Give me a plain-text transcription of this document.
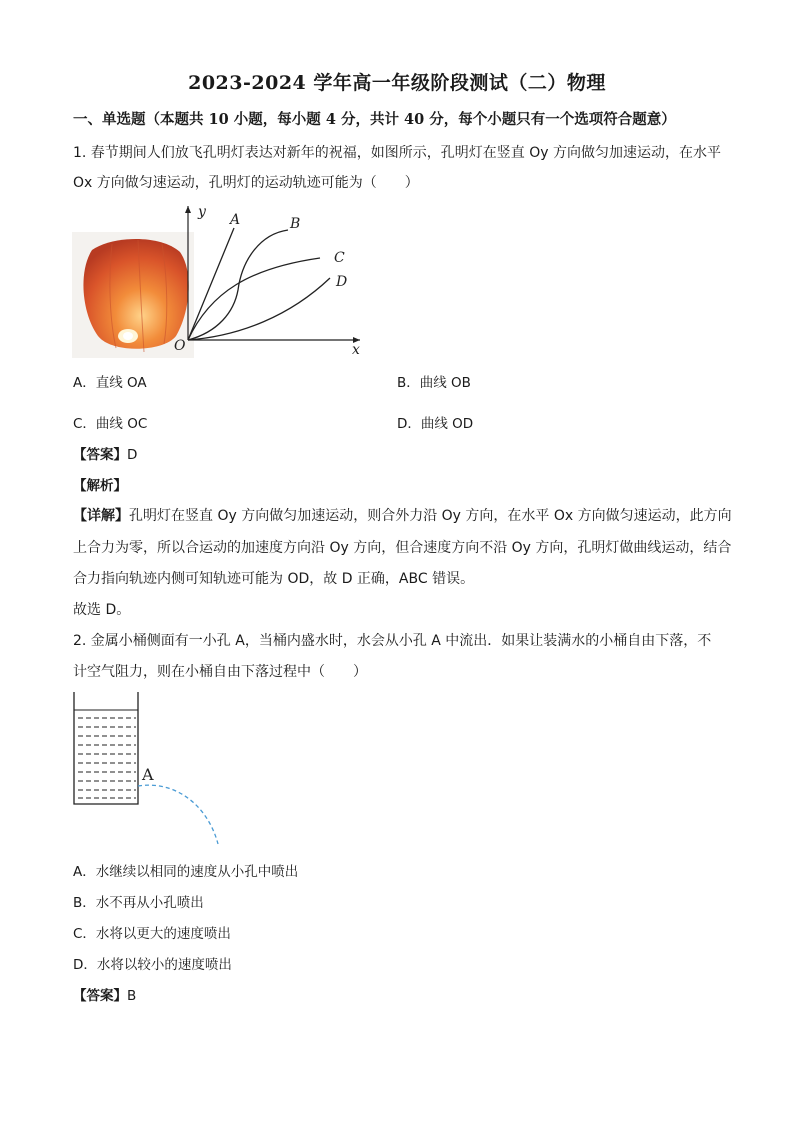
2023-2024 学年高一年级阶段测试（二）物理
一、单选题（本题共 10 小题，每小题 4 分，共计 40 分，每个小题只有一个选项符合题意）
1. 春节期间人们放飞孔明灯表达对新年的祝福，如图所示，孔明灯在竖直 Oy 方向做匀加速运动，在水平
Ox 方向做匀速运动，孔明灯的运动轨迹可能为（　　）
y
x
O
A	B
C
D
A．直线 OA	B．曲线 OB
C．曲线 OC	D．曲线 OD
【答案】D
【解析】
【详解】孔明灯在竖直 Oy 方向做匀加速运动，则合外力沿 Oy 方向，在水平 Ox 方向做匀速运动，此方向
上合力为零，所以合运动的加速度方向沿 Oy 方向，但合速度方向不沿 Oy 方向，孔明灯做曲线运动，结合
合力指向轨迹内侧可知轨迹可能为 OD，故 D 正确，ABC 错误。
故选 D。
2. 金属小桶侧面有一小孔 A，当桶内盛水时，水会从小孔 A 中流出．如果让装满水的小桶自由下落，不
计空气阻力，则在小桶自由下落过程中（　　）
A
A．水继续以相同的速度从小孔中喷出
B．水不再从小孔喷出
C．水将以更大的速度喷出
D．水将以较小的速度喷出
【答案】B
